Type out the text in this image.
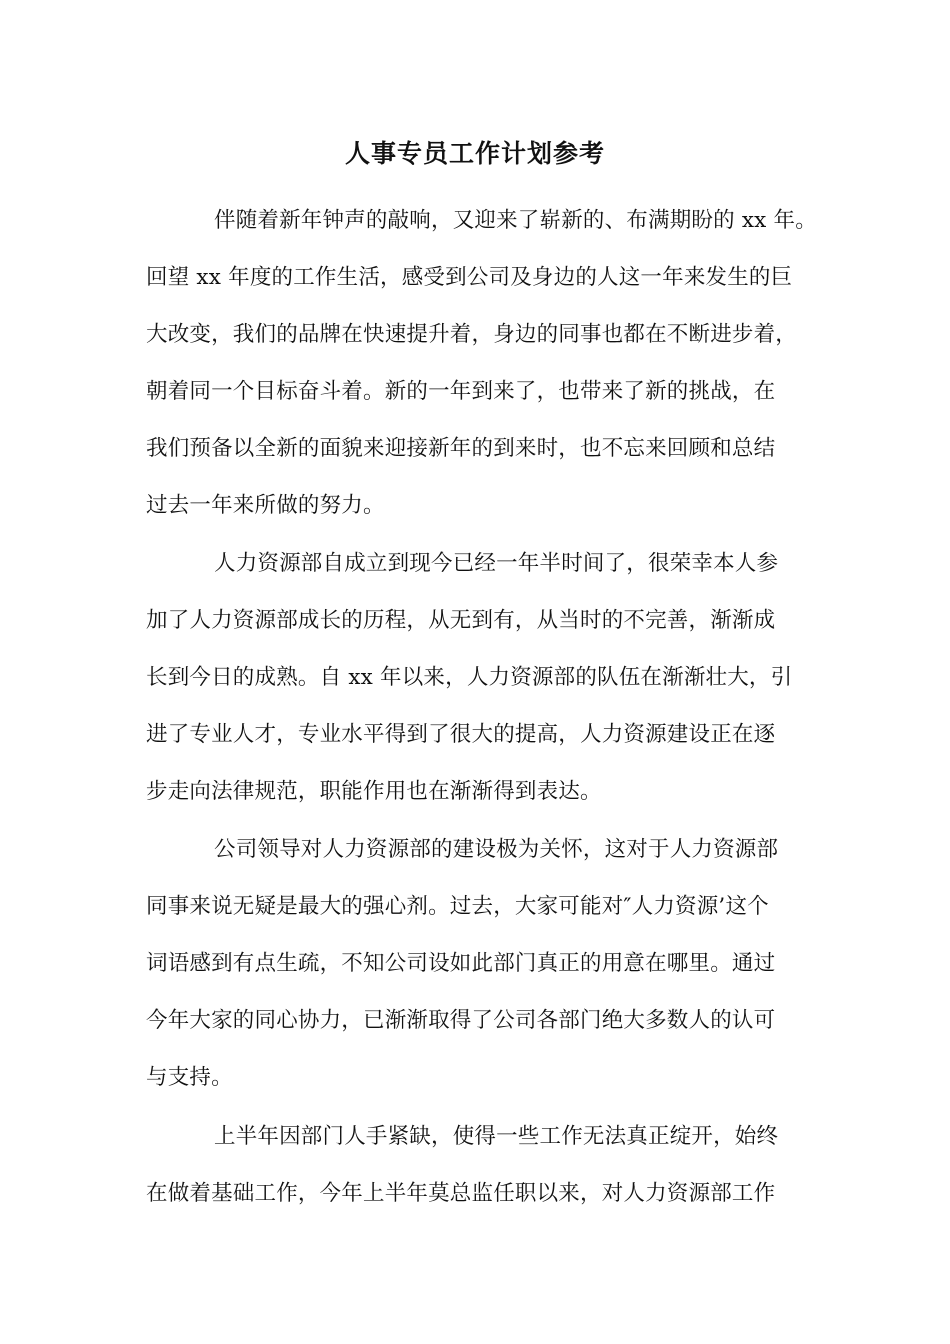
人事专员工作计划参考
伴随着新年钟声的敲响，又迎来了崭新的、布满期盼的 xx 年。
回望 xx 年度的工作生活，感受到公司及身边的人这一年来发生的巨
大改变，我们的品牌在快速提升着，身边的同事也都在不断进步着，
朝着同一个目标奋斗着。新的一年到来了，也带来了新的挑战，在
我们预备以全新的面貌来迎接新年的到来时，也不忘来回顾和总结
过去一年来所做的努力。
人力资源部自成立到现今已经一年半时间了，很荣幸本人参
加了人力资源部成长的历程，从无到有，从当时的不完善，渐渐成
长到今日的成熟。自 xx 年以来，人力资源部的队伍在渐渐壮大，引
进了专业人才，专业水平得到了很大的提高，人力资源建设正在逐
步走向法律规范，职能作用也在渐渐得到表达。
公司领导对人力资源部的建设极为关怀，这对于人力资源部
同事来说无疑是最大的强心剂。过去，大家可能对″人力资源’这个
词语感到有点生疏，不知公司设如此部门真正的用意在哪里。通过
今年大家的同心协力，已渐渐取得了公司各部门绝大多数人的认可
与支持。
上半年因部门人手紧缺，使得一些工作无法真正绽开，始终
在做着基础工作，今年上半年莫总监任职以来，对人力资源部工作
